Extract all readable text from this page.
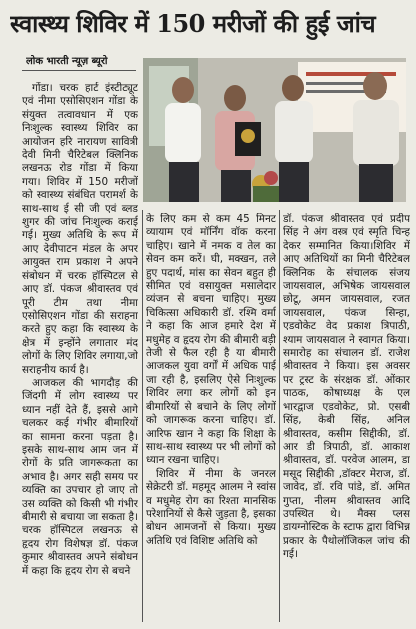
स्वास्थ्य शिविर में 150 मरीजों की हुई जांच
लोक भारती न्यूज़ ब्यूरो

गोंडा। चरक हार्ट इंस्टीट्यूट एवं नीमा एसोसिएशन गोंडा के संयुक्त तत्वावधान में एक निःशुल्क स्वास्थ्य शिविर का आयोजन हरि नारायण सावित्री देवी मिनी चैरिटेबल क्लिनिक लखनऊ रोड गोंडा में किया गया। शिविर में 150 मरीजों को स्वास्थ्य संबंधित परामर्श के साथ-साथ ई सी जी एवं ब्लड शुगर की जांच निःशुल्क कराई गई। मुख्य अतिथि के रूप में आए देवीपाटन मंडल के अपर आयुक्त राम प्रकाश ने अपने संबोधन में चरक हॉस्पिटल से आए डॉ. पंकज श्रीवास्तव एवं पूरी टीम तथा नीमा एसोसिएशन गोंडा की सराहना करते हुए कहा कि स्वास्थ्य के क्षेत्र में इन्होंने लगातार मंद लोगों के लिए शिविर लगाया,जो सराहनीय कार्य है।

आजकल की भागदौड़ की जिंदगी में लोग स्वास्थ्य पर ध्यान नहीं देते हैं, इससे आगे चलकर कई गंभीर बीमारियों का सामना करना पड़ता है। इसके साथ-साथ आम जन में रोगों के प्रति जागरूकता का अभाव है। अगर सही समय पर व्यक्ति का उपचार हो जाए तो उस व्यक्ति को किसी भी गंभीर बीमारी से बचाया जा सकता है। चरक हॉस्पिटल लखनऊ से हृदय रोग विशेषज्ञ डॉ. पंकज कुमार श्रीवास्तव अपने संबोधन में कहा कि हृदय रोग से बचने

के लिए कम से कम 45 मिनट व्यायाम एवं मॉर्निंग वॉक करना चाहिए। खाने में नमक व तेल का सेवन कम करें। घी, मक्खन, तले हुए पदार्थ, मांस का सेवन बहुत ही सीमित एवं वसायुक्त मसालेदार व्यंजन से बचना चाहिए। मुख्य चिकित्सा अधिकारी डॉ. रश्मि वर्मा ने कहा कि आज हमारे देश में मधुमेह व हृदय रोग की बीमारी बड़ी तेजी से फैल रही है या बीमारी आजकल युवा वर्गों में अधिक पाई जा रही है, इसलिए ऐसे निःशुल्क शिविर लगा कर लोगों को इन बीमारियों से बचाने के लिए लोगों को जागरूक करना चाहिए। डॉ. आरिफ खान ने कहा कि शिक्षा के साथ-साथ स्वास्थ्य पर भी लोगों को ध्यान रखना चाहिए।

शिविर में नीमा के जनरल सेक्रेटरी डॉ. महमूद आलम ने स्वांस व मधुमेह रोग का रिश्ता मानसिक परेशानियों से कैसे जुड़ता है, इसका बोधन आमजनों से किया। मुख्य अतिथि एवं विशिष्ट अतिथि को

डॉ. पंकज श्रीवास्तव एवं प्रदीप सिंह ने अंग वस्त्र एवं स्मृति चिन्ह देकर सम्मानित किया।शिविर में आए अतिथियों का मिनी चैरिटेबल क्लिनिक के संचालक संजय जायसवाल, अभिषेक जायसवाल छोटू, अमन जायसवाल, रजत जायसवाल, पंकज सिन्हा, एडवोकेट वेद प्रकाश त्रिपाठी, श्याम जायसवाल ने स्वागत किया। समारोह का संचालन डॉ. राजेश श्रीवास्तव ने किया। इस अवसर पर ट्रस्ट के संरक्षक डॉ. ओंकार पाठक, कोषाध्यक्ष के एल भारद्वाज एडवोकेट, प्रो. एसबी सिंह, केबी सिंह, अनिल श्रीवास्तव, कसीम सिद्दीकी, डॉ. आर डी त्रिपाठी, डॉ. आकाश श्रीवास्तव, डॉ. परवेज आलम, डा मसूद सिद्दीकी ,डॉक्टर मेराज, डॉ. जावेद, डॉ. रवि पांडे, डॉ. अमित गुप्ता, नीलम श्रीवास्तव आदि उपस्थित थे। मैक्स प्लस डायग्नोस्टिक के स्टाफ द्वारा विभिन्न प्रकार के पैथोलॉजिकल जांच की गई।
